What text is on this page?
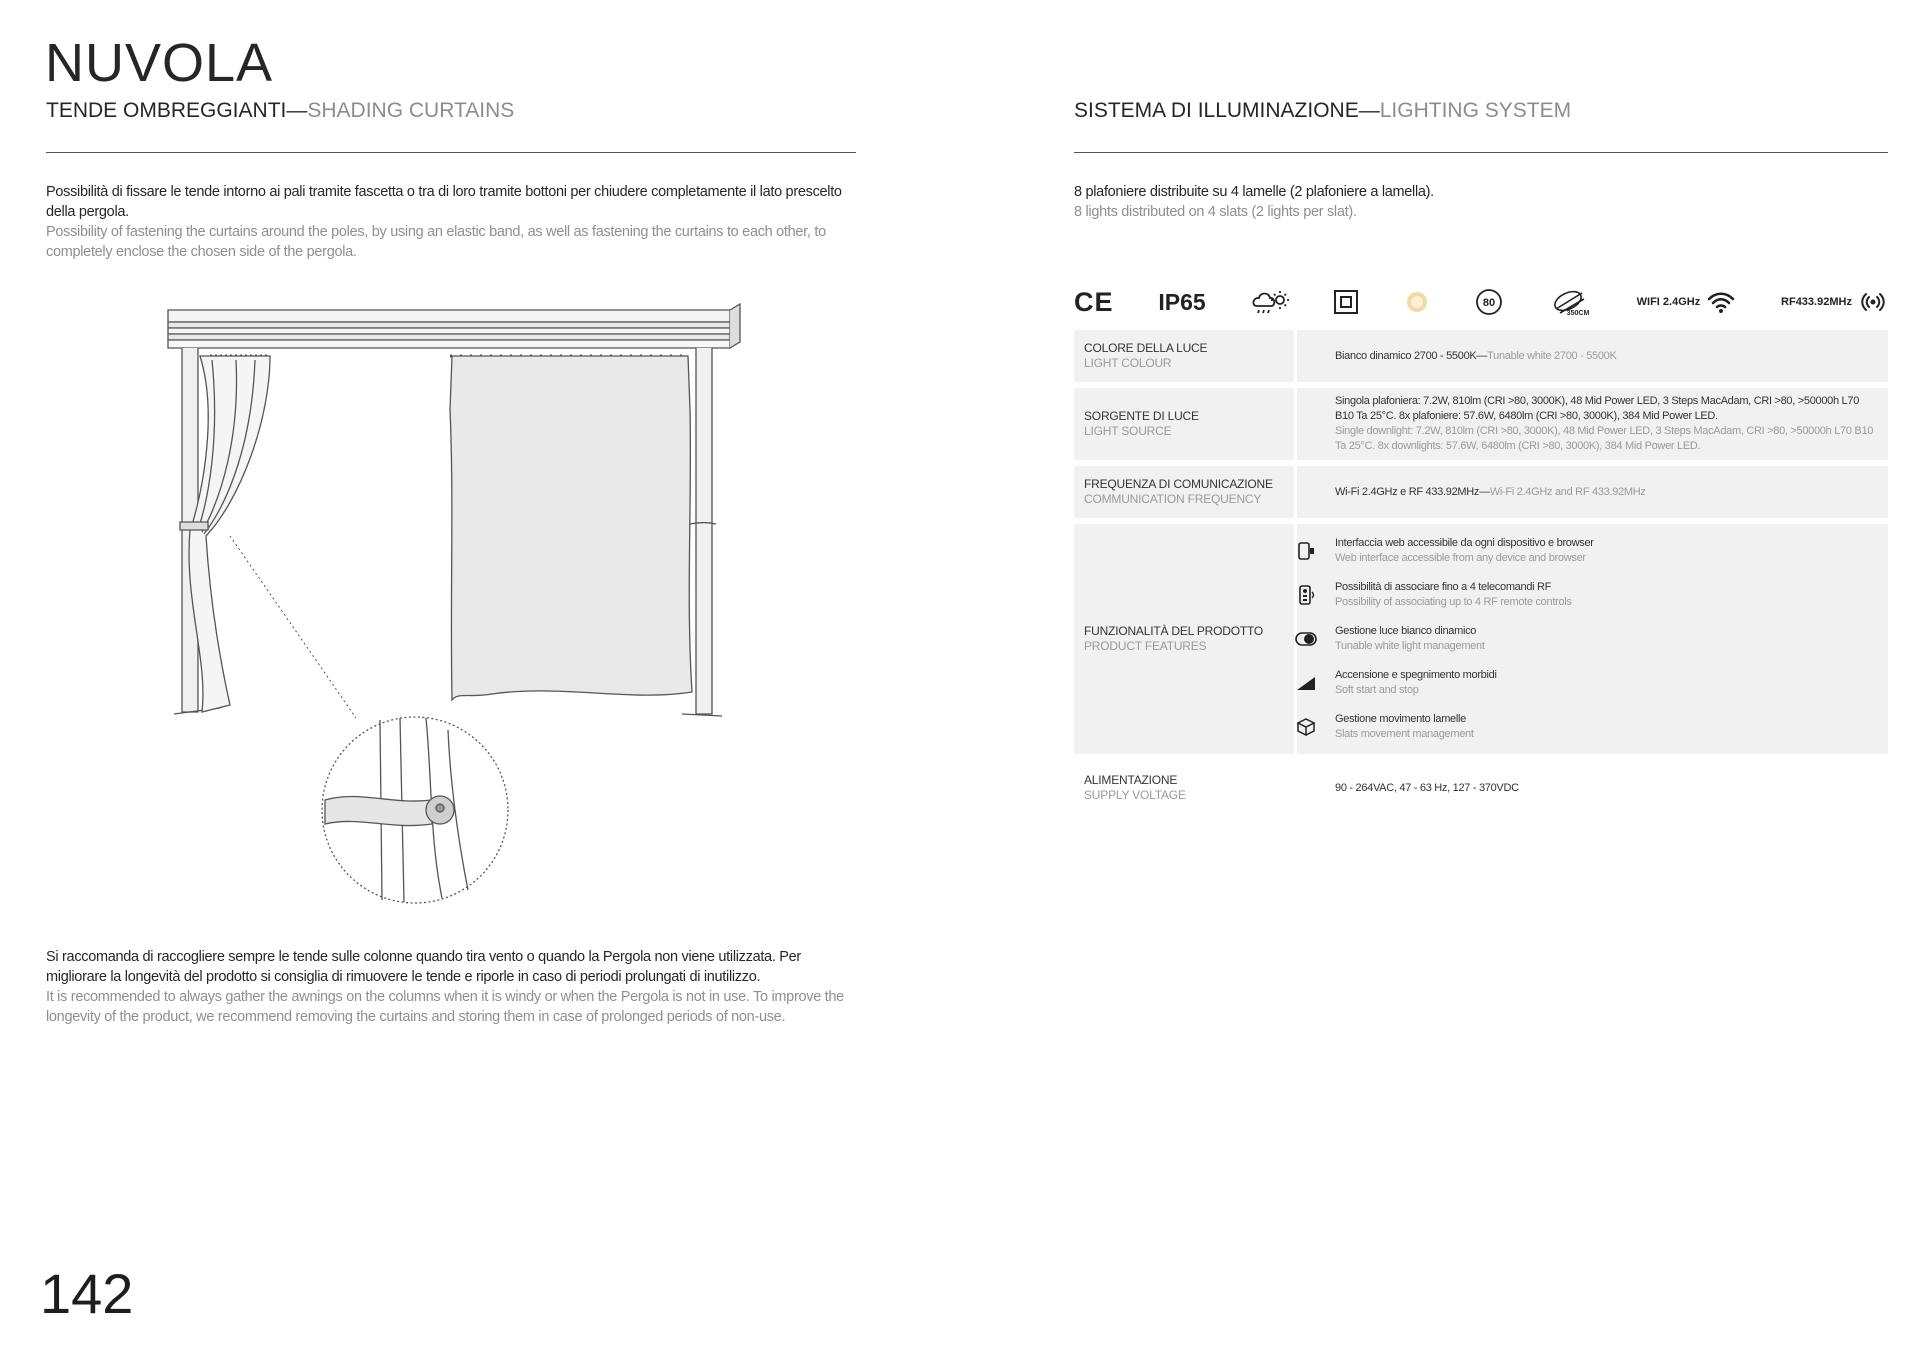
NUVOLA
TENDE OMBREGGIANTI—SHADING CURTAINS
Possibilità di fissare le tende intorno ai pali tramite fascetta o tra di loro tramite bottoni per chiudere completamente il lato prescelto della pergola.
Possibility of fastening the curtains around the poles, by using an elastic band, as well as fastening the curtains to each other, to completely enclose the chosen side of the pergola.
Si raccomanda di raccogliere sempre le tende sulle colonne quando tira vento o quando la Pergola non viene utilizzata. Per migliorare la longevità del prodotto si consiglia di rimuovere le tende e riporle in caso di periodi prolungati di inutilizzo.
It is recommended to always gather the awnings on the columns when it is windy or when the Pergola is not in use. To improve the longevity of the product, we recommend removing the curtains and storing them in case of prolonged periods of non-use.
142
SISTEMA DI ILLUMINAZIONE—LIGHTING SYSTEM
8 plafoniere distribuite su 4 lamelle (2 plafoniere a lamella).
8 lights distributed on 4 slats (2 lights per slat).
CE IP65	80
350CM
WIFI 2.4GHz	RF433.92MHz
COLORE DELLA LUCE
LIGHT COLOUR
Bianco dinamico 2700 - 5500K—Tunable white 2700 - 5500K
SORGENTE DI LUCE
LIGHT SOURCE
Singola plafoniera: 7.2W, 810lm (CRI >80, 3000K), 48 Mid Power LED, 3 Steps MacAdam, CRI >80, >50000h L70 B10 Ta 25°C. 8x plafoniere: 57.6W, 6480lm (CRI >80, 3000K), 384 Mid Power LED.
Single downlight: 7.2W, 810lm (CRI >80, 3000K), 48 Mid Power LED, 3 Steps MacAdam, CRI >80, >50000h L70 B10 Ta 25°C. 8x downlights: 57.6W, 6480lm (CRI >80, 3000K), 384 Mid Power LED.
FREQUENZA DI COMUNICAZIONE
COMMUNICATION FREQUENCY
Wi-Fi 2.4GHz e RF 433.92MHz—Wi-Fi 2.4GHz and RF 433.92MHz
FUNZIONALITÀ DEL PRODOTTO
PRODUCT FEATURES
Interfaccia web accessibile da ogni dispositivo e browser
Web interface accessible from any device and browser
Possibilità di associare fino a 4 telecomandi RF
Possibility of associating up to 4 RF remote controls
Gestione luce bianco dinamico
Tunable white light management
Accensione e spegnimento morbidi
Soft start and stop
Gestione movimento lamelle
Slats movement management
ALIMENTAZIONE
SUPPLY VOLTAGE
90 - 264VAC, 47 - 63 Hz, 127 - 370VDC
